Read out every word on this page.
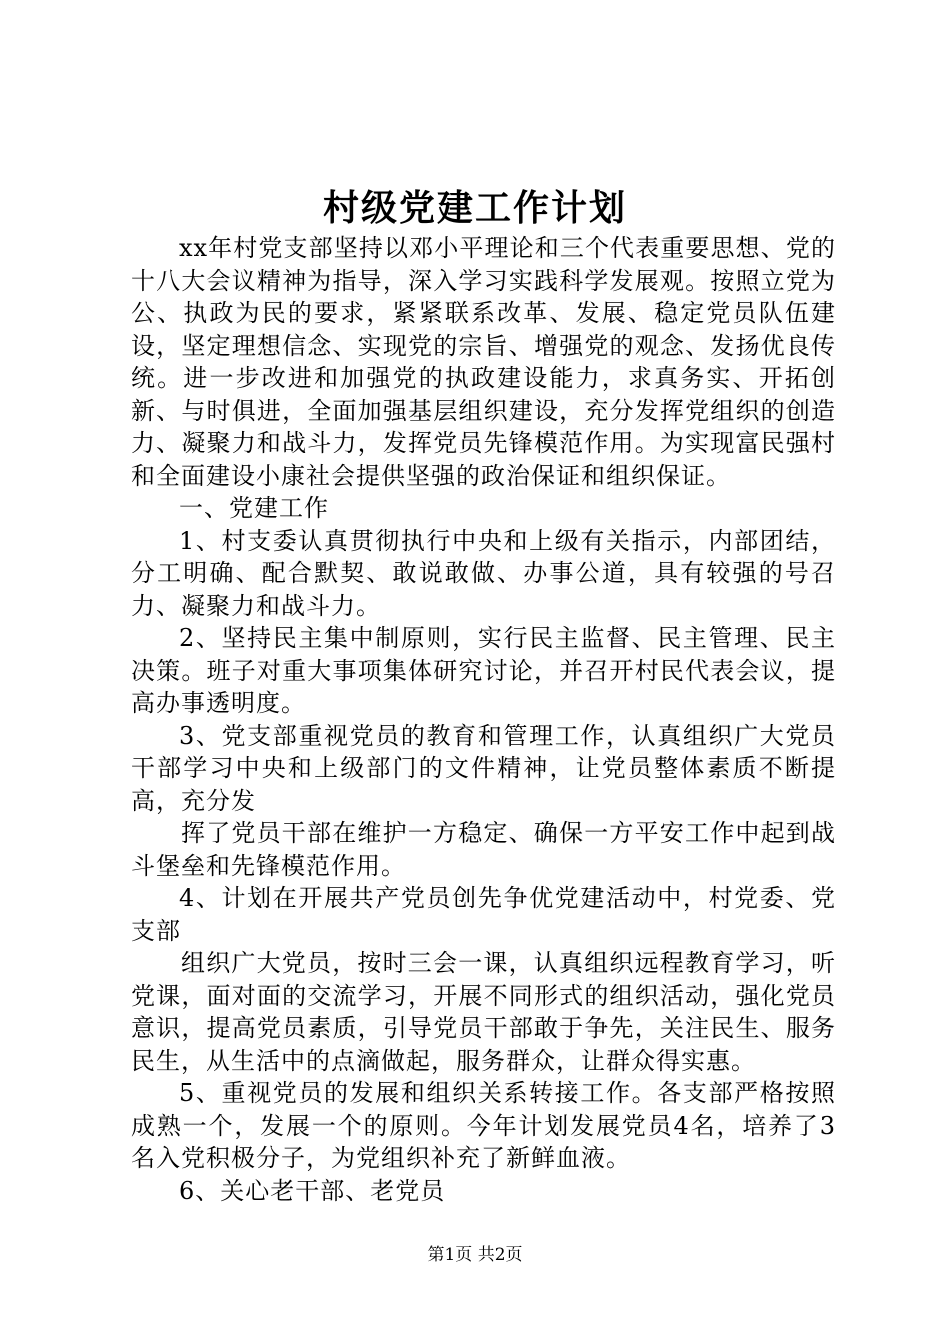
村级党建工作计划

xx年村党支部坚持以邓小平理论和三个代表重要思想、党的十八大会议精神为指导，深入学习实践科学发展观。按照立党为公、执政为民的要求，紧紧联系改革、发展、稳定党员队伍建设，坚定理想信念、实现党的宗旨、增强党的观念、发扬优良传统。进一步改进和加强党的执政建设能力，求真务实、开拓创新、与时俱进，全面加强基层组织建设，充分发挥党组织的创造力、凝聚力和战斗力，发挥党员先锋模范作用。为实现富民强村和全面建设小康社会提供坚强的政治保证和组织保证。

一、党建工作

1、村支委认真贯彻执行中央和上级有关指示，内部团结，分工明确、配合默契、敢说敢做、办事公道，具有较强的号召力、凝聚力和战斗力。

2、坚持民主集中制原则，实行民主监督、民主管理、民主决策。班子对重大事项集体研究讨论，并召开村民代表会议，提高办事透明度。

3、党支部重视党员的教育和管理工作，认真组织广大党员干部学习中央和上级部门的文件精神，让党员整体素质不断提高，充分发

挥了党员干部在维护一方稳定、确保一方平安工作中起到战斗堡垒和先锋模范作用。

4、计划在开展共产党员创先争优党建活动中，村党委、党支部

组织广大党员，按时三会一课，认真组织远程教育学习，听党课，面对面的交流学习，开展不同形式的组织活动，强化党员意识，提高党员素质，引导党员干部敢于争先，关注民生、服务民生，从生活中的点滴做起，服务群众，让群众得实惠。

5、重视党员的发展和组织关系转接工作。各支部严格按照成熟一个，发展一个的原则。今年计划发展党员4名，培养了3名入党积极分子，为党组织补充了新鲜血液。

6、关心老干部、老党员

第1页 共2页
